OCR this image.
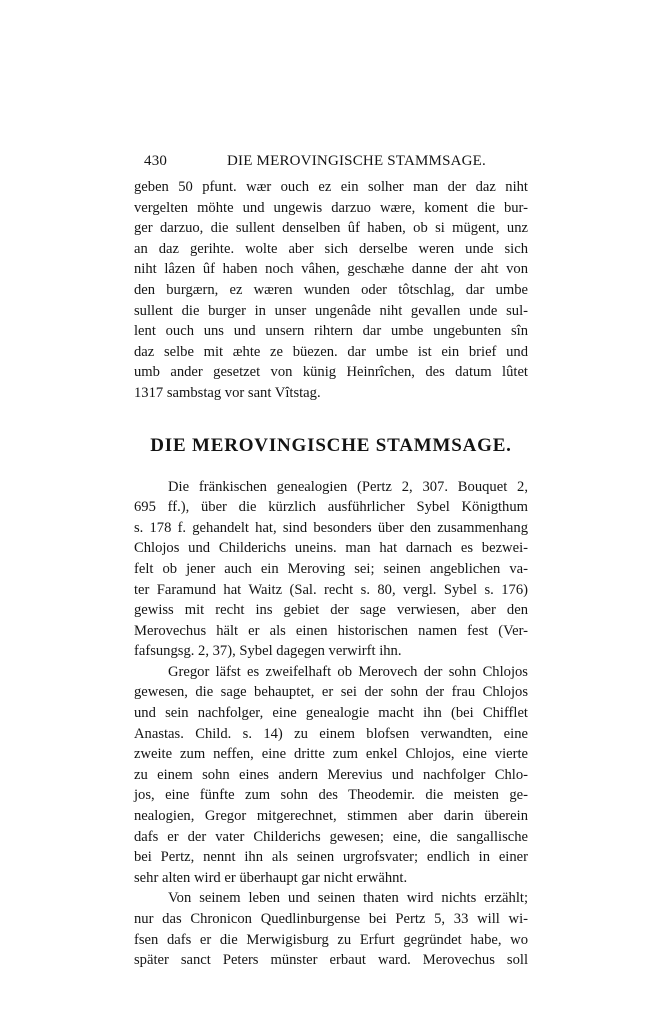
430	DIE MEROVINGISCHE STAMMSAGE.
geben 50 pfunt. wær ouch ez ein solher man der daz niht
vergelten möhte und ungewis darzuo wære, koment die bur-
ger darzuo, die sullent denselben ûf haben, ob si mügent, unz
an daz gerihte. wolte aber sich derselbe weren unde sich
niht lâzen ûf haben noch vâhen, geschæhe danne der aht von
den burgærn, ez wæren wunden oder tôtschlag, dar umbe
sullent die burger in unser ungenâde niht gevallen unde sul-
lent ouch uns und unsern rihtern dar umbe ungebunten sîn
daz selbe mit æhte ze büezen. dar umbe ist ein brief und
umb ander gesetzet von künig Heinrîchen, des datum lûtet
1317 sambstag vor sant Vîtstag.
DIE MEROVINGISCHE STAMMSAGE.
Die fränkischen genealogien (Pertz 2, 307. Bouquet 2,
695 ff.), über die kürzlich ausführlicher Sybel Königthum
s. 178 f. gehandelt hat, sind besonders über den zusammenhang
Chlojos und Childerichs uneins. man hat darnach es bezwei-
felt ob jener auch ein Meroving sei; seinen angeblichen va-
ter Faramund hat Waitz (Sal. recht s. 80, vergl. Sybel s. 176)
gewiss mit recht ins gebiet der sage verwiesen, aber den
Merovechus hält er als einen historischen namen fest (Ver-
fafsungsg. 2, 37), Sybel dagegen verwirft ihn.
Gregor läfst es zweifelhaft ob Merovech der sohn Chlojos
gewesen, die sage behauptet, er sei der sohn der frau Chlojos
und sein nachfolger, eine genealogie macht ihn (bei Chifflet
Anastas. Child. s. 14) zu einem blofsen verwandten, eine
zweite zum neffen, eine dritte zum enkel Chlojos, eine vierte
zu einem sohn eines andern Merevius und nachfolger Chlo-
jos, eine fünfte zum sohn des Theodemir. die meisten ge-
nealogien, Gregor mitgerechnet, stimmen aber darin überein
dafs er der vater Childerichs gewesen; eine, die sangallische
bei Pertz, nennt ihn als seinen urgrofsvater; endlich in einer
sehr alten wird er überhaupt gar nicht erwähnt.
Von seinem leben und seinen thaten wird nichts erzählt;
nur das Chronicon Quedlinburgense bei Pertz 5, 33 will wi-
fsen dafs er die Merwigisburg zu Erfurt gegründet habe, wo
später sanct Peters münster erbaut ward. Merovechus soll
